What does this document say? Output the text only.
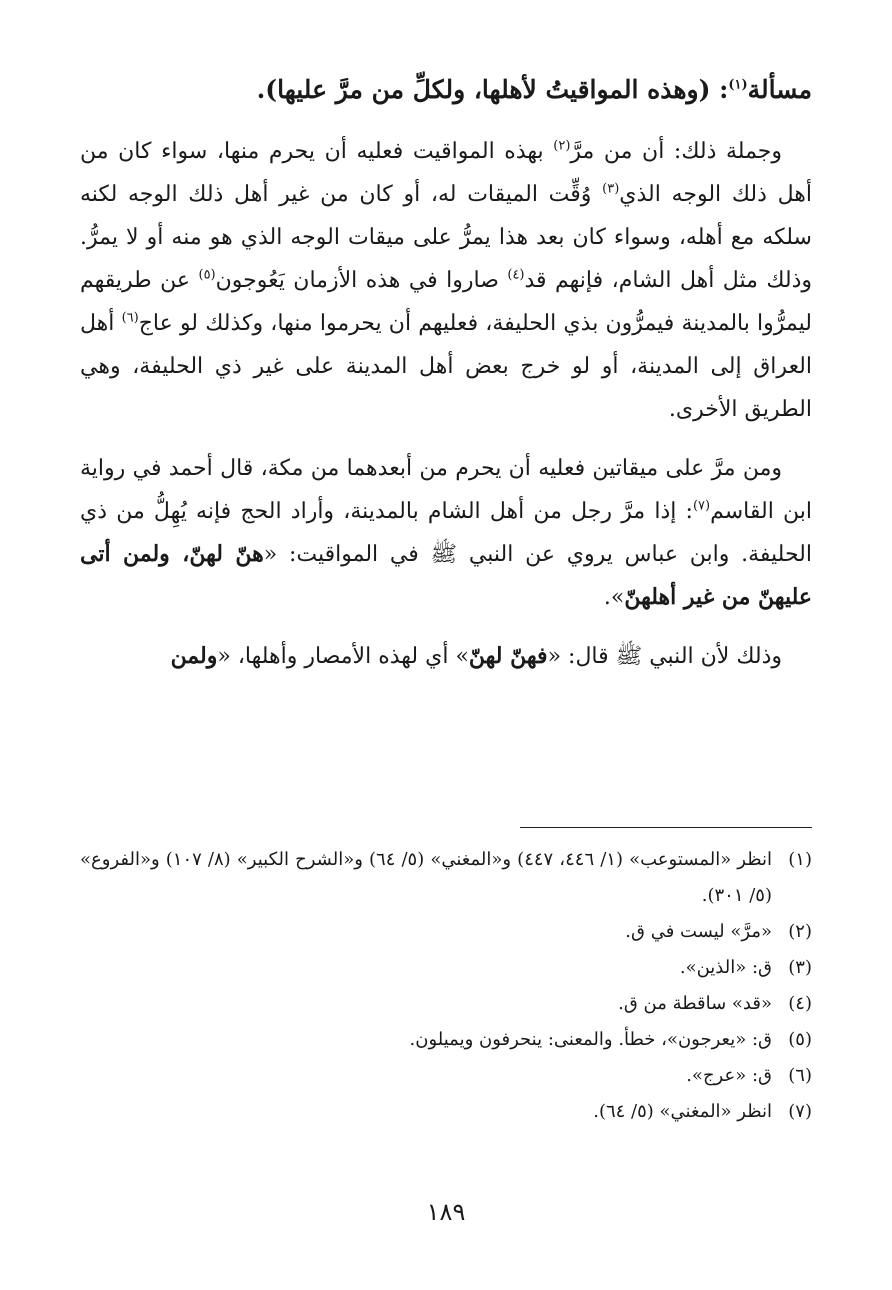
مسألة$^{(١)}$: (وهذه المواقيتُ لأهلها، ولكلِّ من مرَّ عليها).

وجملة ذلك: أن من مرَّ$^{(٢)}$ بهذه المواقيت فعليه أن يحرم منها، سواء كان من أهل ذلك الوجه الذي$^{(٣)}$ وُقِّت الميقات له، أو كان من غير أهل ذلك الوجه لكنه سلكه مع أهله، وسواء كان بعد هذا يمرُّ على ميقات الوجه الذي هو منه أو لا يمرُّ. وذلك مثل أهل الشام، فإنهم قد$^{(٤)}$ صاروا في هذه الأزمان يَعُوجون$^{(٥)}$ عن طريقهم ليمرُّوا بالمدينة فيمرُّون بذي الحليفة، فعليهم أن يحرموا منها، وكذلك لو عاج$^{(٦)}$ أهل العراق إلى المدينة، أو لو خرج بعض أهل المدينة على غير ذي الحليفة، وهي الطريق الأخرى.

ومن مرَّ على ميقاتين فعليه أن يحرم من أبعدهما من مكة، قال أحمد في رواية ابن القاسم$^{(٧)}$: إذا مرَّ رجل من أهل الشام بالمدينة، وأراد الحج فإنه يُهِلُّ من ذي الحليفة. وابن عباس يروي عن النبي ﷺ في المواقيت: «هنّ لهنّ، ولمن أتى عليهنّ من غير أهلهنّ».

وذلك لأن النبي ﷺ قال: «فهنّ لهنّ» أي لهذه الأمصار وأهلها، «ولمن

(١)
انظر «المستوعب» (١/ ٤٤٦، ٤٤٧) و«المغني» (٥/ ٦٤) و«الشرح الكبير» (٨/ ١٠٧) و«الفروع» (٥/ ٣٠١).
(٢)
«مرَّ» ليست في ق.
(٣)
ق: «الذين».
(٤)
«قد» ساقطة من ق.
(٥)
ق: «يعرجون»، خطأ. والمعنى: ينحرفون ويميلون.
(٦)
ق: «عرج».
(٧)
انظر «المغني» (٥/ ٦٤).
١٨٩
